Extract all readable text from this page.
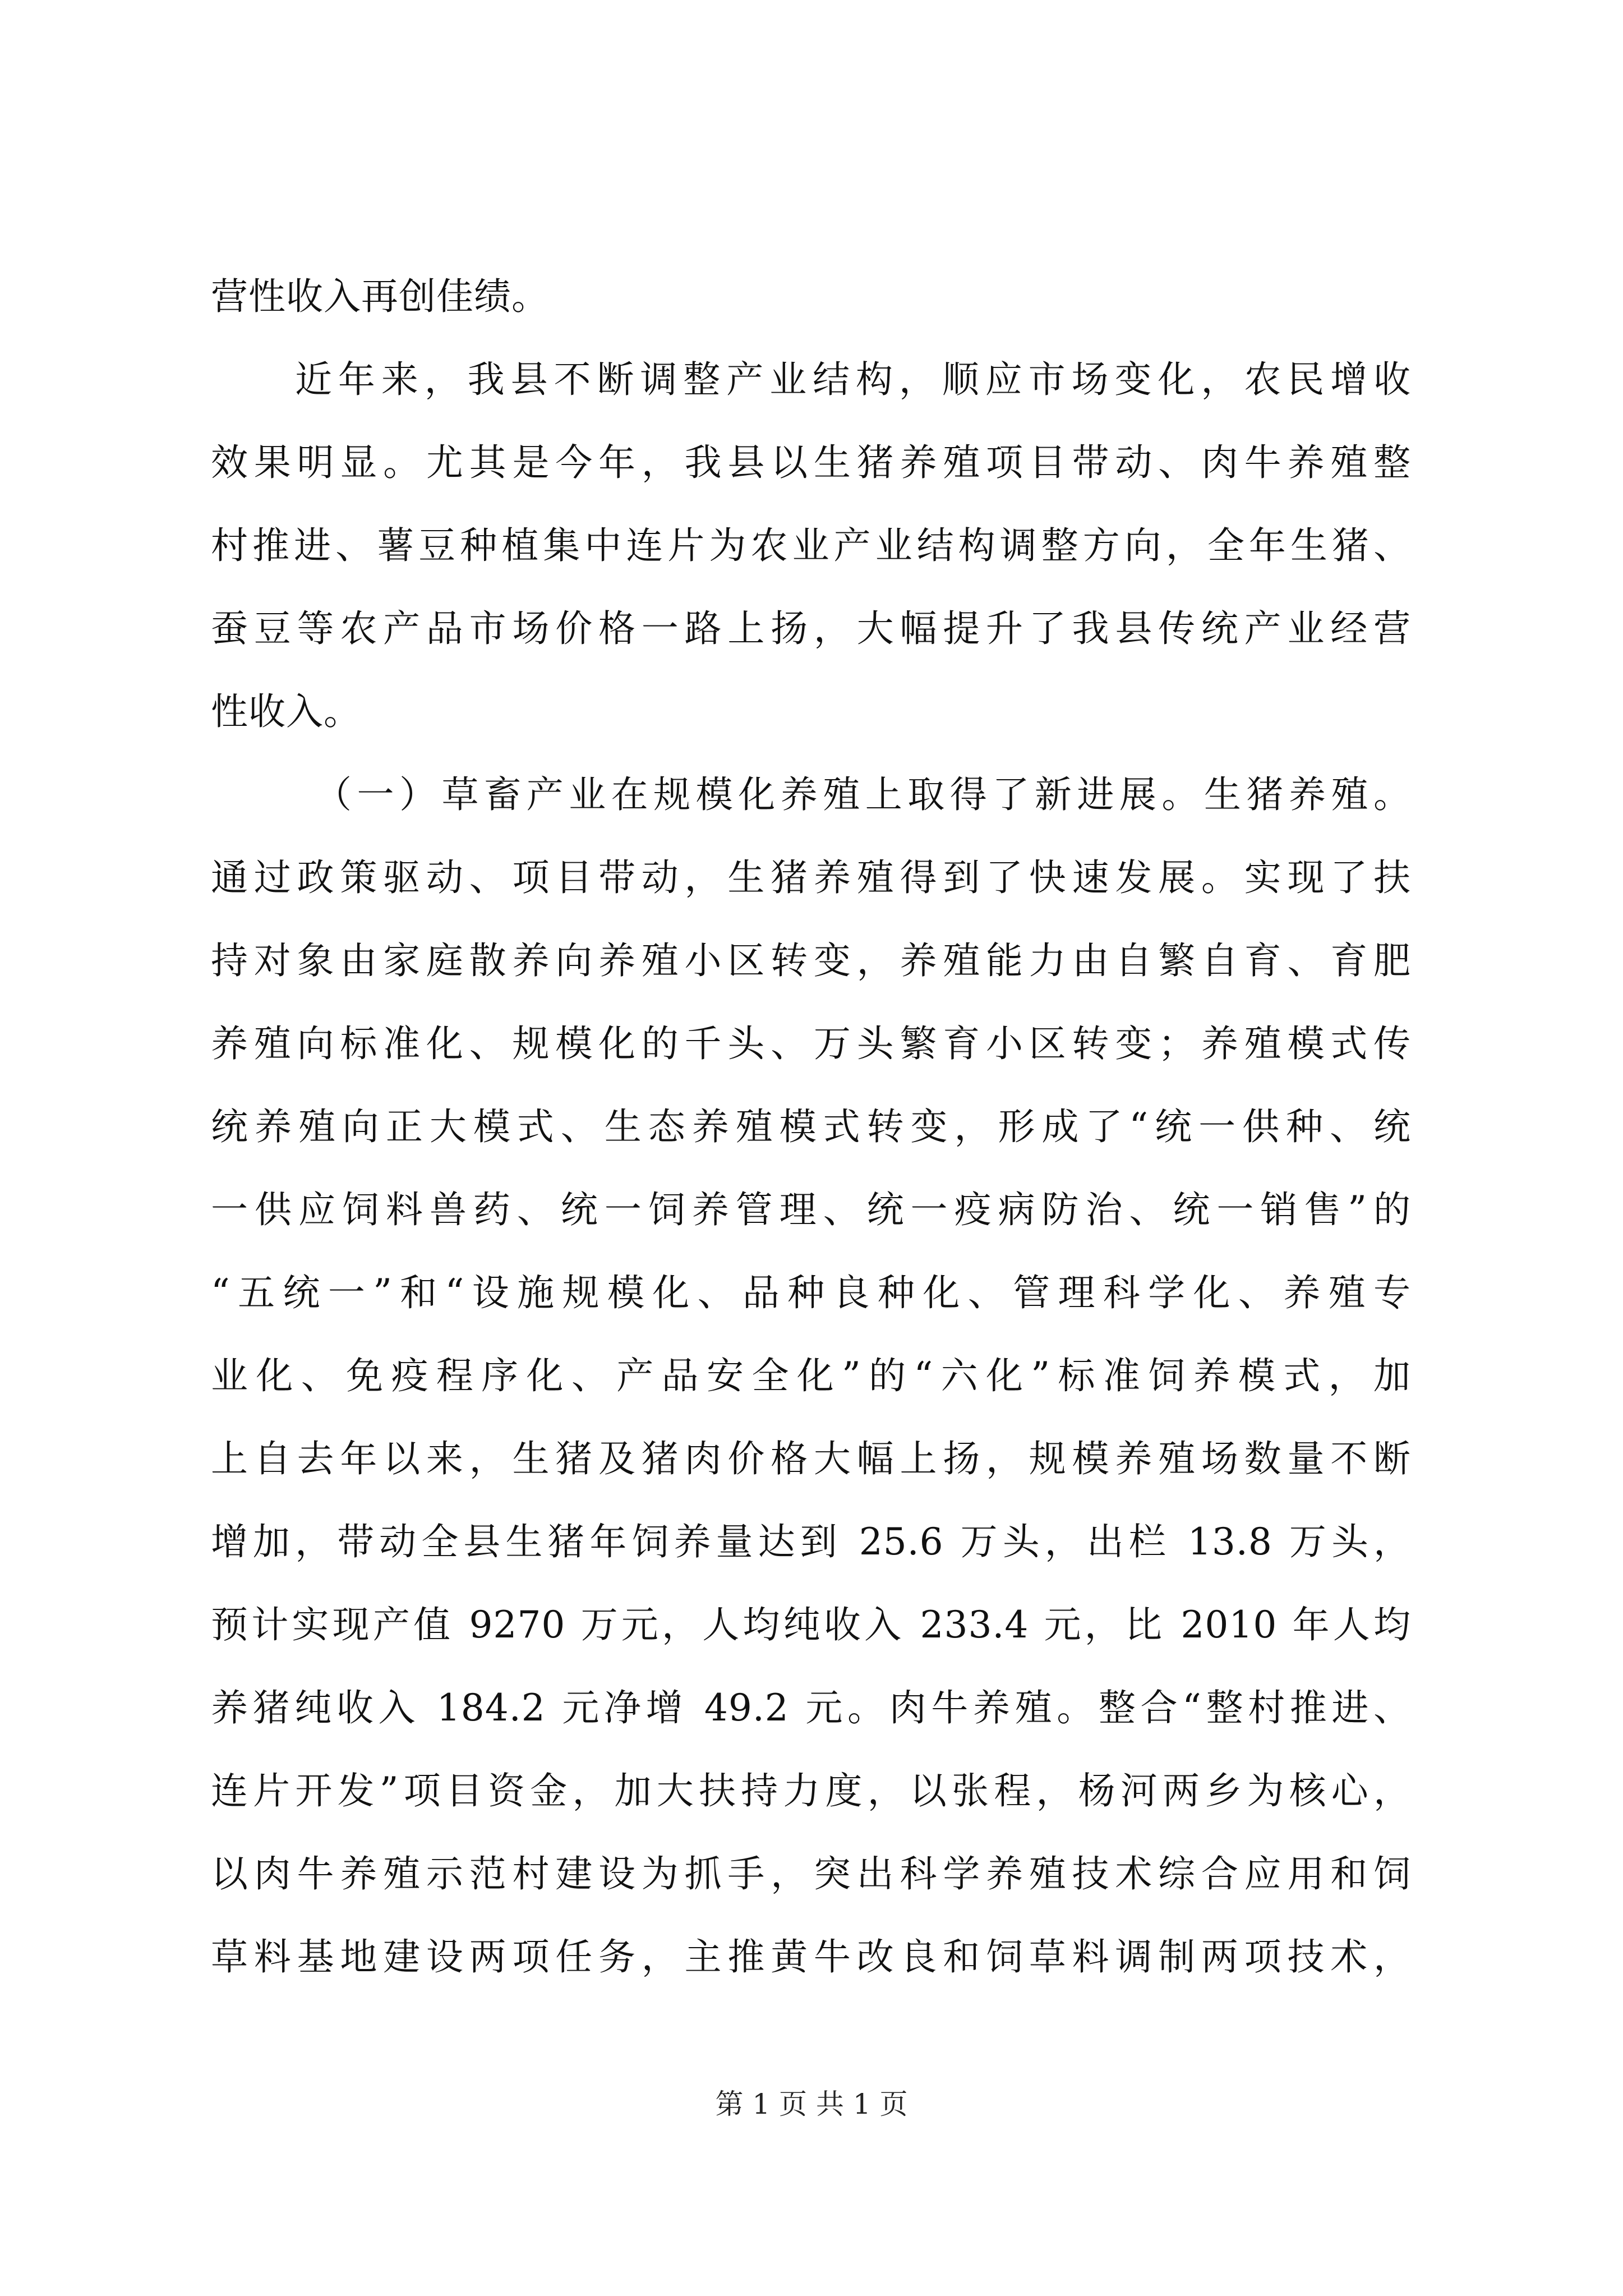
营性收入再创佳绩。
近年来，我县不断调整产业结构，顺应市场变化，农民增收
效果明显。尤其是今年，我县以生猪养殖项目带动、肉牛养殖整
村推进、薯豆种植集中连片为农业产业结构调整方向，全年生猪、
蚕豆等农产品市场价格一路上扬，大幅提升了我县传统产业经营
性收入。
（一）草畜产业在规模化养殖上取得了新进展。生猪养殖。
通过政策驱动、项目带动，生猪养殖得到了快速发展。实现了扶
持对象由家庭散养向养殖小区转变，养殖能力由自繁自育、育肥
养殖向标准化、规模化的千头、万头繁育小区转变；养殖模式传
统养殖向正大模式、生态养殖模式转变，形成了“统一供种、统
一供应饲料兽药、统一饲养管理、统一疫病防治、统一销售”的
“五统一”和“设施规模化、品种良种化、管理科学化、养殖专
业化、免疫程序化、产品安全化”的“六化”标准饲养模式，加
上自去年以来，生猪及猪肉价格大幅上扬，规模养殖场数量不断
增加，带动全县生猪年饲养量达到 25.6 万头，出栏 13.8 万头，
预计实现产值 9270 万元，人均纯收入 233.4 元，比 2010 年人均
养猪纯收入 184.2 元净增 49.2 元。肉牛养殖。整合“整村推进、
连片开发”项目资金，加大扶持力度，以张程，杨河两乡为核心，
以肉牛养殖示范村建设为抓手，突出科学养殖技术综合应用和饲
草料基地建设两项任务，主推黄牛改良和饲草料调制两项技术，
第 1 页 共 1 页
